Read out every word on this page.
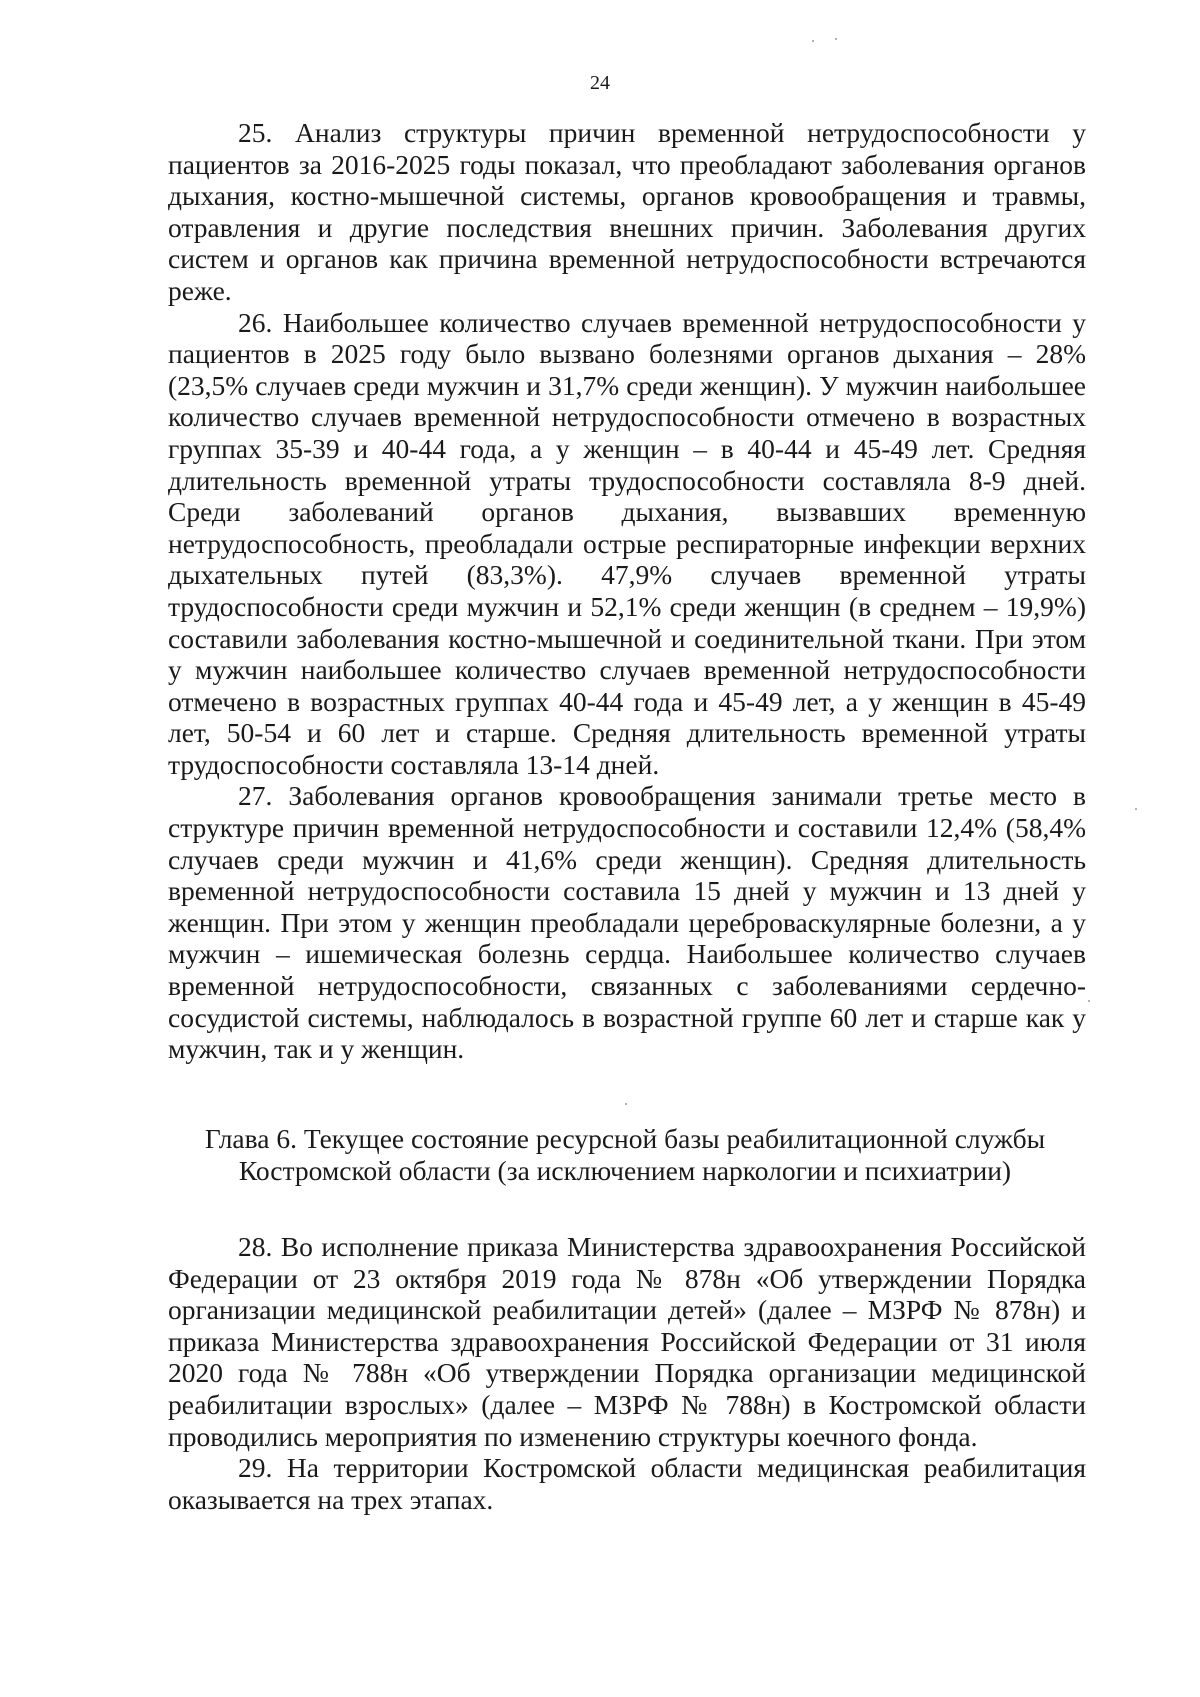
24

25. Анализ структуры причин временной нетрудоспособности у пациентов за 2016-2025 годы показал, что преобладают заболевания органов дыхания, костно-мышечной системы, органов кровообращения и травмы, отравления и другие последствия внешних причин. Заболевания других систем и органов как причина временной нетрудоспособности встречаются реже.

26. Наибольшее количество случаев временной нетрудоспособности у пациентов в 2025 году было вызвано болезнями органов дыхания – 28% (23,5% случаев среди мужчин и 31,7% среди женщин). У мужчин наибольшее количество случаев временной нетрудоспособности отмечено в возрастных группах 35-39 и 40-44 года, а у женщин – в 40-44 и 45-49 лет. Средняя длительность временной утраты трудоспособности составляла 8-9 дней. Среди заболеваний органов дыхания, вызвавших временную нетрудоспособность, преобладали острые респираторные инфекции верхних дыхательных путей (83,3%). 47,9% случаев временной утраты трудоспособности среди мужчин и 52,1% среди женщин (в среднем – 19,9%) составили заболевания костно-мышечной и соединительной ткани. При этом у мужчин наибольшее количество случаев временной нетрудоспособности отмечено в возрастных группах 40-44 года и 45-49 лет, а у женщин в 45-49 лет, 50-54 и 60 лет и старше. Средняя длительность временной утраты трудоспособности составляла 13-14 дней.

27. Заболевания органов кровообращения занимали третье место в структуре причин временной нетрудоспособности и составили 12,4% (58,4% случаев среди мужчин и 41,6% среди женщин). Средняя длительность временной нетрудоспособности составила 15 дней у мужчин и 13 дней у женщин. При этом у женщин преобладали цереброваскулярные болезни, а у мужчин – ишемическая болезнь сердца. Наибольшее количество случаев временной нетрудоспособности, связанных с заболеваниями сердечно-сосудистой системы, наблюдалось в возрастной группе 60 лет и старше как у мужчин, так и у женщин.

Глава 6. Текущее состояние ресурсной базы реабилитационной службы
Костромской области (за исключением наркологии и психиатрии)

28. Во исполнение приказа Министерства здравоохранения Российской Федерации от 23 октября 2019 года № 878н «Об утверждении Порядка организации медицинской реабилитации детей» (далее – МЗРФ № 878н) и приказа Министерства здравоохранения Российской Федерации от 31 июля 2020 года № 788н «Об утверждении Порядка организации медицинской реабилитации взрослых» (далее – МЗРФ № 788н) в Костромской области проводились мероприятия по изменению структуры коечного фонда.

29. На территории Костромской области медицинская реабилитация оказывается на трех этапах.
